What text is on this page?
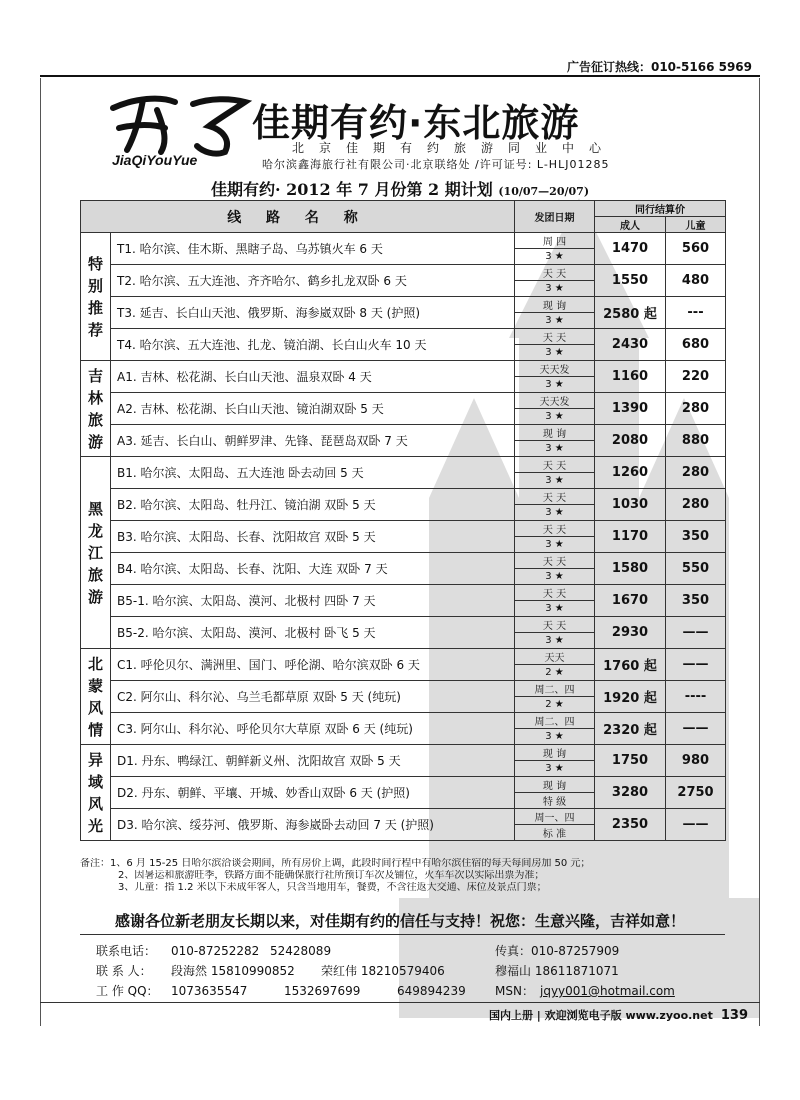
广告征订热线：010-5166 5969
JiaQiYouYue
佳期有约·东北旅游
北京佳期有约旅游同业中心
哈尔滨鑫海旅行社有限公司·北京联络处 /许可证号: L-HLJ01285
佳期有约· 2012 年 7 月份第 2 期计划 (10/07—20/07)
线 路 名 称		发团日期	同行结算价	
			成人	儿童

特
别
推
荐	T1. 哈尔滨、佳木斯、黑瞎子岛、乌苏镇火车 6 天	周 四	1470	560
		3 ★		
	T2. 哈尔滨、五大连池、齐齐哈尔、鹤乡扎龙双卧 6 天	天 天	1550	480
		3 ★		
	T3. 延吉、长白山天池、俄罗斯、海参崴双卧 8 天 (护照)	现 询	2580 起	---
		3 ★		
	T4. 哈尔滨、五大连池、扎龙、镜泊湖、长白山火车 10 天	天 天	2430	680
		3 ★		

吉
林
旅
游	A1. 吉林、松花湖、长白山天池、温泉双卧 4 天	天天发	1160	220
		3 ★		
	A2. 吉林、松花湖、长白山天池、镜泊湖双卧 5 天	天天发	1390	280
		3 ★		
	A3. 延吉、长白山、朝鲜罗津、先锋、琵琶岛双卧 7 天	现 询	2080	880
		3 ★		

黑
龙
江
旅
游	B1. 哈尔滨、太阳岛、五大连池 卧去动回 5 天	天 天	1260	280
		3 ★		
	B2. 哈尔滨、太阳岛、牡丹江、镜泊湖 双卧 5 天	天 天	1030	280
		3 ★		
	B3. 哈尔滨、太阳岛、长春、沈阳故宫 双卧 5 天	天 天	1170	350
		3 ★		
	B4. 哈尔滨、太阳岛、长春、沈阳、大连 双卧 7 天	天 天	1580	550
		3 ★		
	B5-1. 哈尔滨、太阳岛、漠河、北极村 四卧 7 天	天 天	1670	350
		3 ★		
	B5-2. 哈尔滨、太阳岛、漠河、北极村 卧飞 5 天	天 天	2930	——
		3 ★		

北
蒙
风
情	C1. 呼伦贝尔、满洲里、国门、呼伦湖、哈尔滨双卧 6 天	天天	1760 起	——
		2 ★		
	C2. 阿尔山、科尔沁、乌兰毛都草原 双卧 5 天 (纯玩)	周二、四	1920 起	----
		2 ★		
	C3. 阿尔山、科尔沁、呼伦贝尔大草原 双卧 6 天 (纯玩)	周二、四	2320 起	——
		3 ★		

异
域
风
光	D1. 丹东、鸭绿江、朝鲜新义州、沈阳故宫 双卧 5 天	现 询	1750	980
		3 ★		
	D2. 丹东、朝鲜、平壤、开城、妙香山双卧 6 天 (护照)	现 询	3280	2750
		特 级		
	D3. 哈尔滨、绥芬河、俄罗斯、海参崴卧去动回 7 天 (护照)	周一、四	2350	——
		标 准		
备注：1、6 月 15-25 日哈尔滨洽谈会期间，所有房价上调，此段时间行程中有哈尔滨住宿的每天每间房加 50 元；
2、因暑运和旅游旺季，铁路方面不能确保旅行社所预订车次及铺位，火车车次以实际出票为准；
3、儿童：指 1.2 米以下未成年客人，只含当地用车，餐费，不含往返大交通、床位及景点门票；
感谢各位新老朋友长期以来，对佳期有约的信任与支持！祝您：生意兴隆，吉祥如意！
联系电话： 010-87252282 52428089	传真：010-87257909
联 系 人： 段海然 15810990852 荣红伟 18210579406	穆福山 18611871071
工 作 QQ： 1073635547	1532697699	649894239 MSN： jqyy001@hotmail.com
国内上册 | 欢迎浏览电子版 www.zyoo.net 139
